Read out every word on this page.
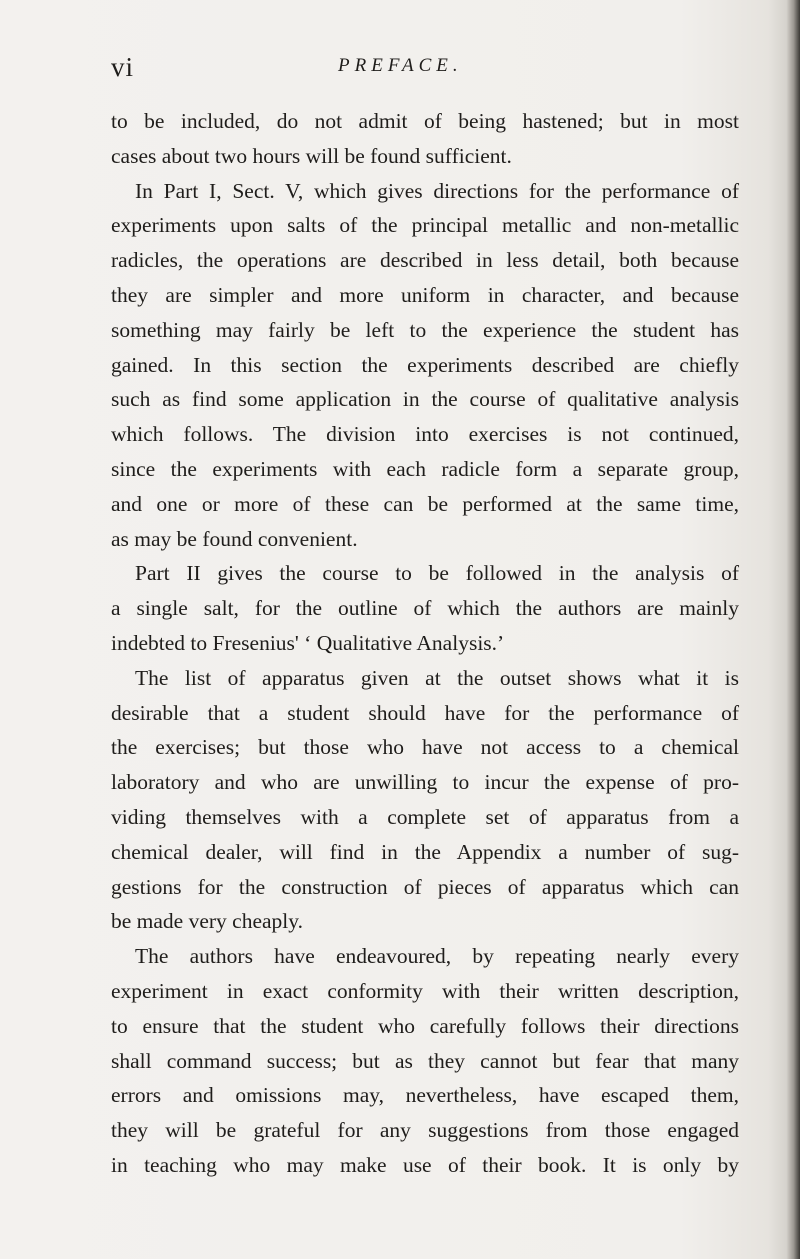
vi	PREFACE.
to be included, do not admit of being hastened; but in most
cases about two hours will be found sufficient.
In Part I, Sect. V, which gives directions for the performance of
experiments upon salts of the principal metallic and non-metallic
radicles, the operations are described in less detail, both because
they are simpler and more uniform in character, and because
something may fairly be left to the experience the student has
gained. In this section the experiments described are chiefly
such as find some application in the course of qualitative analysis
which follows. The division into exercises is not continued,
since the experiments with each radicle form a separate group,
and one or more of these can be performed at the same time,
as may be found convenient.
Part II gives the course to be followed in the analysis of
a single salt, for the outline of which the authors are mainly
indebted to Fresenius' ‘ Qualitative Analysis.’
The list of apparatus given at the outset shows what it is
desirable that a student should have for the performance of
the exercises; but those who have not access to a chemical
laboratory and who are unwilling to incur the expense of pro-
viding themselves with a complete set of apparatus from a
chemical dealer, will find in the Appendix a number of sug-
gestions for the construction of pieces of apparatus which can
be made very cheaply.
The authors have endeavoured, by repeating nearly every
experiment in exact conformity with their written description,
to ensure that the student who carefully follows their directions
shall command success; but as they cannot but fear that many
errors and omissions may, nevertheless, have escaped them,
they will be grateful for any suggestions from those engaged
in teaching who may make use of their book. It is only by
